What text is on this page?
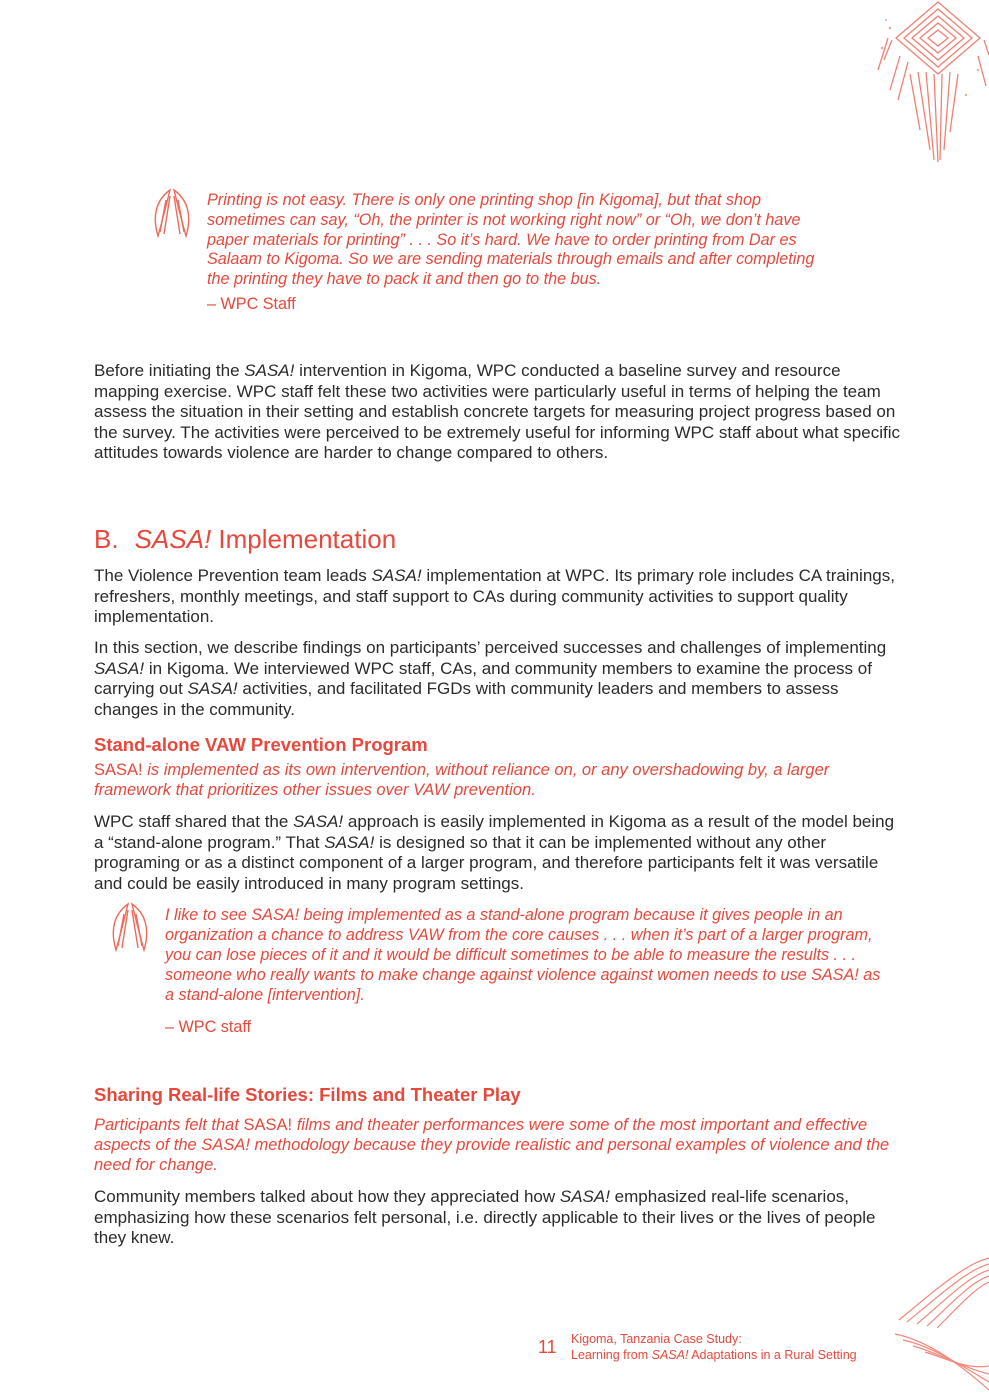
Printing is not easy. There is only one printing shop [in Kigoma], but that shop sometimes can say, “Oh, the printer is not working right now” or “Oh, we don’t have paper materials for printing” . . . So it’s hard. We have to order printing from Dar es Salaam to Kigoma. So we are sending materials through emails and after completing the printing they have to pack it and then go to the bus.
– WPC Staff

Before initiating the SASA! intervention in Kigoma, WPC conducted a baseline survey and resource mapping exercise. WPC staff felt these two activities were particularly useful in terms of helping the team assess the situation in their setting and establish concrete targets for measuring project progress based on the survey. The activities were perceived to be extremely useful for informing WPC staff about what specific attitudes towards violence are harder to change compared to others.

B. SASA! Implementation

The Violence Prevention team leads SASA! implementation at WPC. Its primary role includes CA trainings, refreshers, monthly meetings, and staff support to CAs during community activities to support quality implementation.

In this section, we describe findings on participants’ perceived successes and challenges of implementing SASA! in Kigoma. We interviewed WPC staff, CAs, and community members to examine the process of carrying out SASA! activities, and facilitated FGDs with community leaders and members to assess changes in the community.

Stand-alone VAW Prevention Program

SASA! is implemented as its own intervention, without reliance on, or any overshadowing by, a larger framework that prioritizes other issues over VAW prevention.

WPC staff shared that the SASA! approach is easily implemented in Kigoma as a result of the model being a “stand-alone program.” That SASA! is designed so that it can be implemented without any other programing or as a distinct component of a larger program, and therefore participants felt it was versatile and could be easily introduced in many program settings.

I like to see SASA! being implemented as a stand-alone program because it gives people in an organization a chance to address VAW from the core causes . . . when it’s part of a larger program, you can lose pieces of it and it would be difficult sometimes to be able to measure the results . . . someone who really wants to make change against violence against women needs to use SASA! as a stand-alone [intervention].
– WPC staff
Sharing Real-life Stories: Films and Theater Play

Participants felt that SASA! films and theater performances were some of the most important and effective aspects of the SASA! methodology because they provide realistic and personal examples of violence and the need for change.

Community members talked about how they appreciated how SASA! emphasized real-life scenarios, emphasizing how these scenarios felt personal, i.e. directly applicable to their lives or the lives of people they knew.

11 Kigoma, Tanzania Case Study:
Learning from SASA! Adaptations in a Rural Setting
